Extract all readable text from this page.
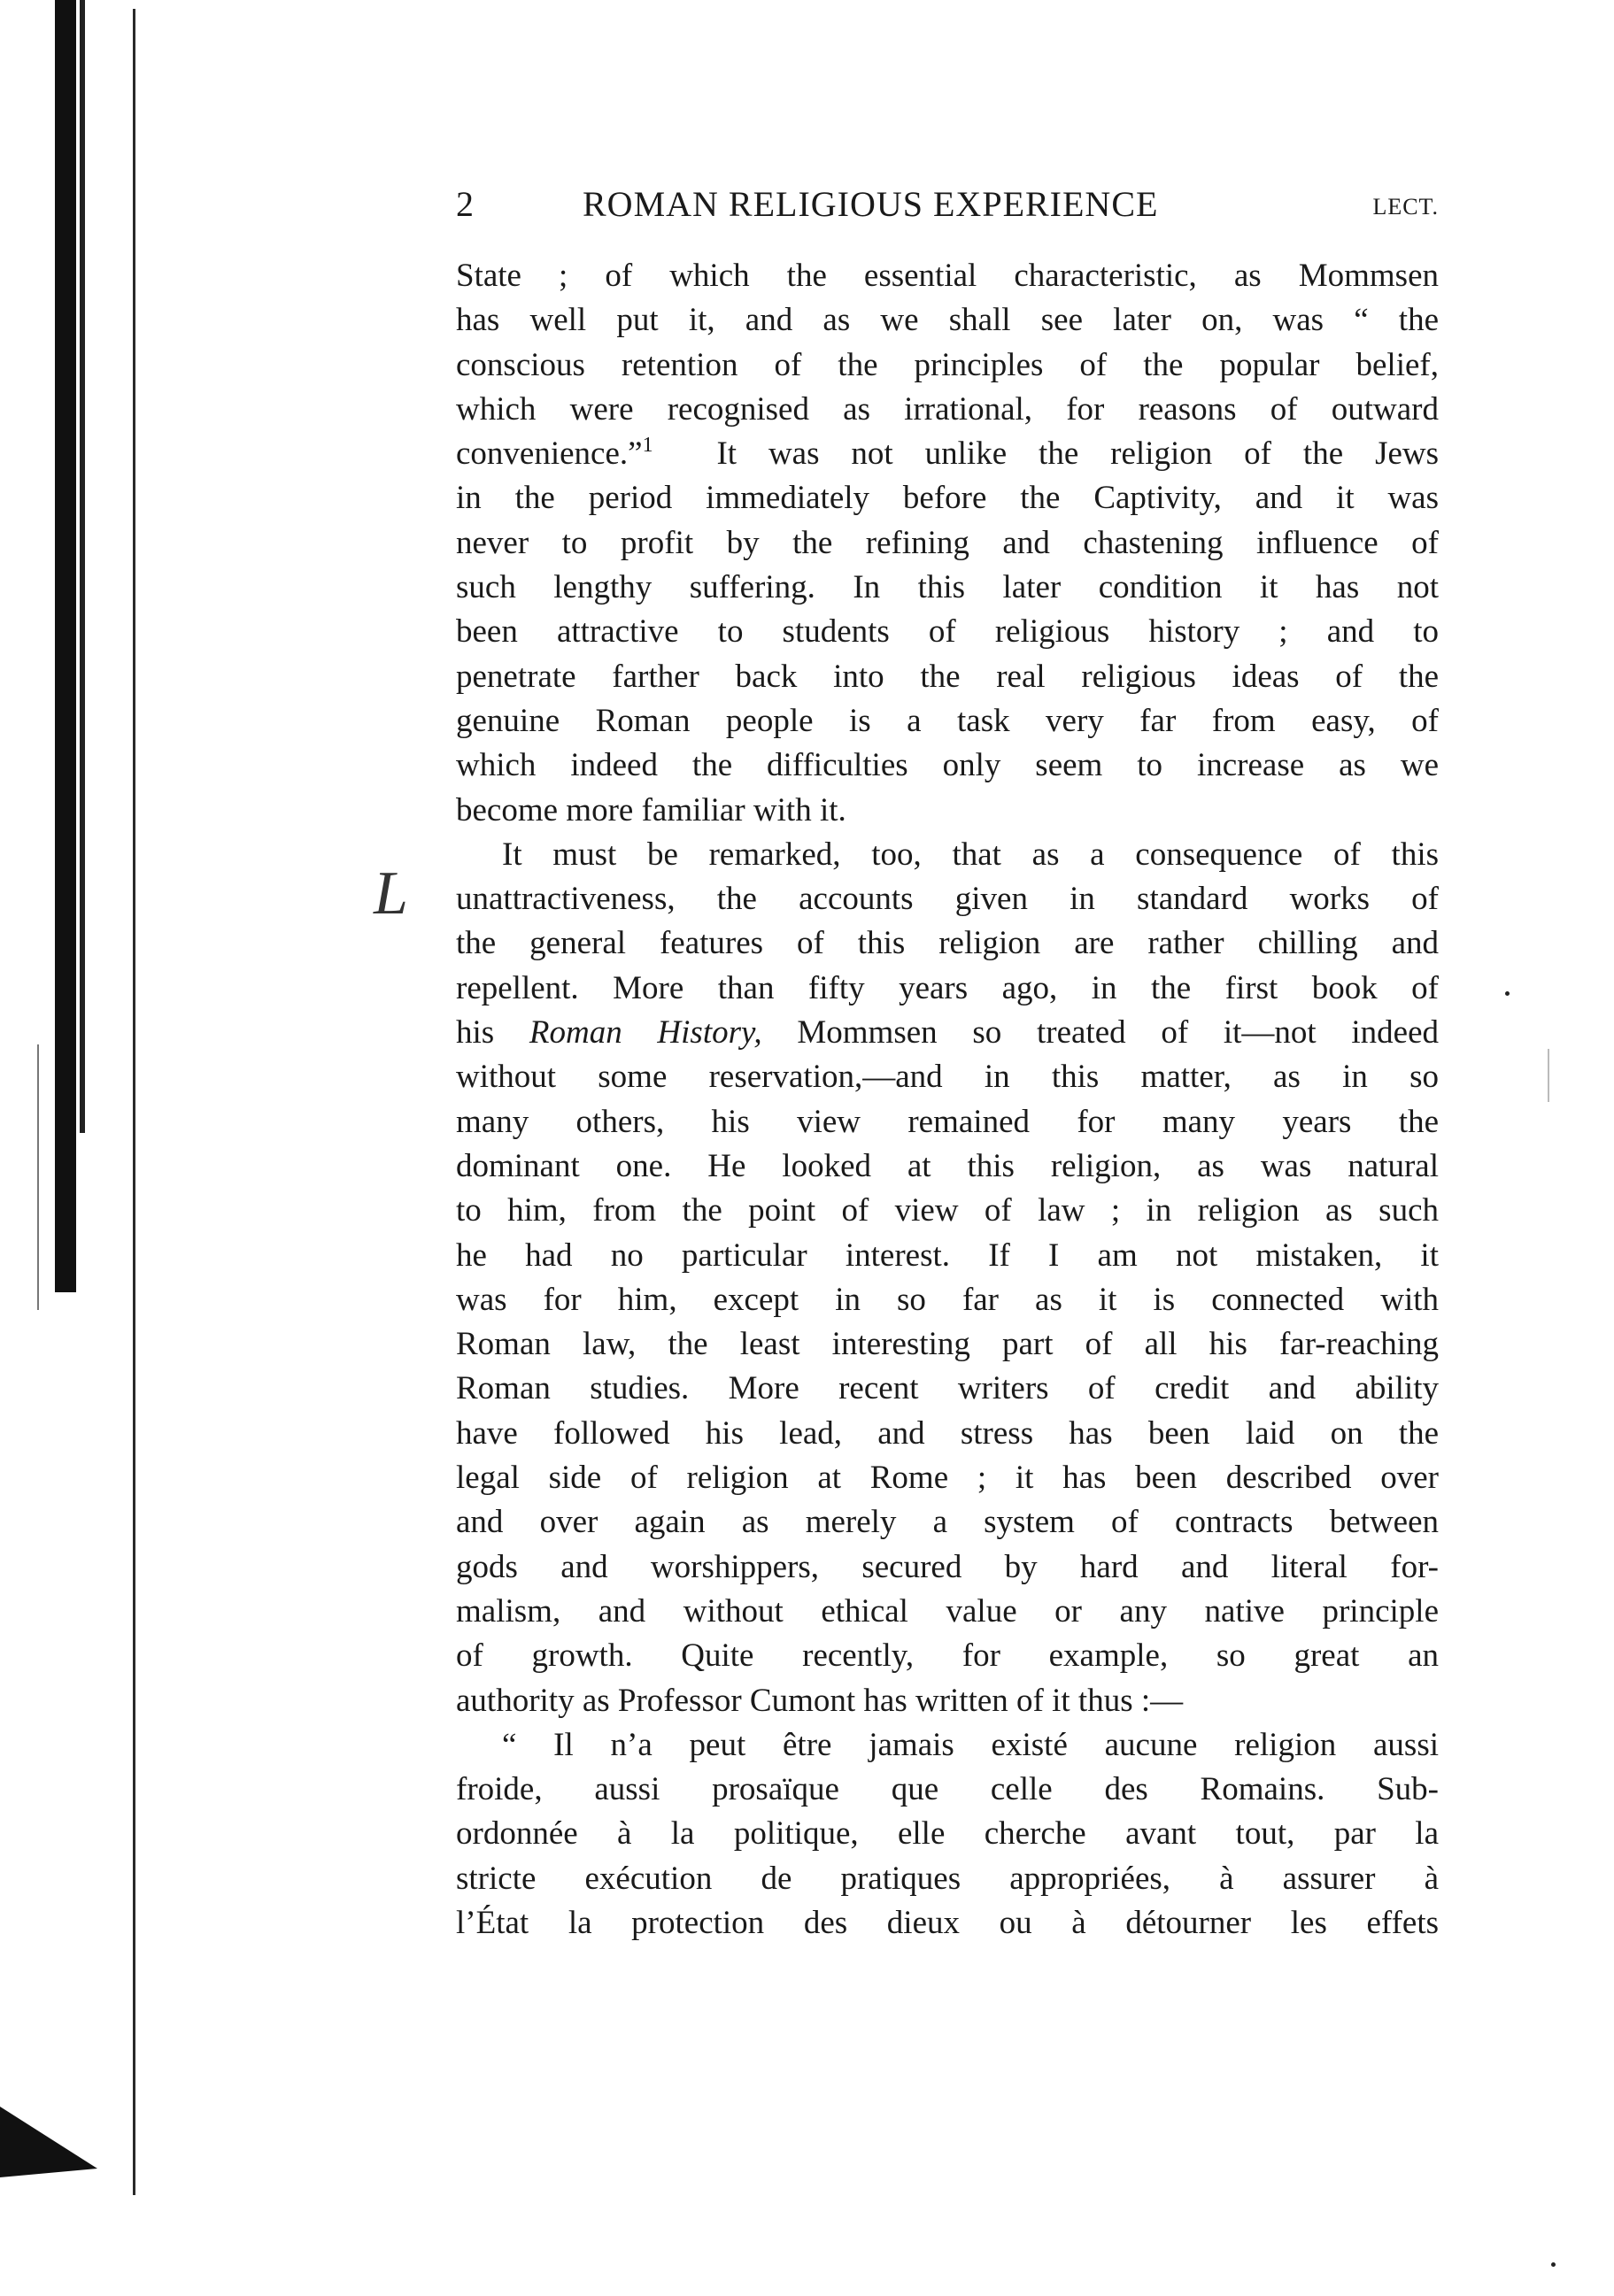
L
2	ROMAN RELIGIOUS EXPERIENCE	LECT.
State ; of which the essential characteristic, as Mommsen
has well put it, and as we shall see later on, was “ the
conscious retention of the principles of the popular belief,
which were recognised as irrational, for reasons of outward
convenience.”$^1$ It was not unlike the religion of the Jews
in the period immediately before the Captivity, and it was
never to profit by the refining and chastening influence of
such lengthy suffering. In this later condition it has not
been attractive to students of religious history ; and to
penetrate farther back into the real religious ideas of the
genuine Roman people is a task very far from easy, of
which indeed the difficulties only seem to increase as we
become more familiar with it.
It must be remarked, too, that as a consequence of this
unattractiveness, the accounts given in standard works of
the general features of this religion are rather chilling and
repellent. More than fifty years ago, in the first book of
his Roman History, Mommsen so treated of it—not indeed
without some reservation,—and in this matter, as in so
many others, his view remained for many years the
dominant one. He looked at this religion, as was natural
to him, from the point of view of law ; in religion as such
he had no particular interest. If I am not mistaken, it
was for him, except in so far as it is connected with
Roman law, the least interesting part of all his far-reaching
Roman studies. More recent writers of credit and ability
have followed his lead, and stress has been laid on the
legal side of religion at Rome ; it has been described over
and over again as merely a system of contracts between
gods and worshippers, secured by hard and literal for-
malism, and without ethical value or any native principle
of growth. Quite recently, for example, so great an
authority as Professor Cumont has written of it thus :—
“ Il n’a peut être jamais existé aucune religion aussi
froide, aussi prosaïque que celle des Romains. Sub-
ordonnée à la politique, elle cherche avant tout, par la
stricte exécution de pratiques appropriées, à assurer à
l’État la protection des dieux ou à détourner les effets
